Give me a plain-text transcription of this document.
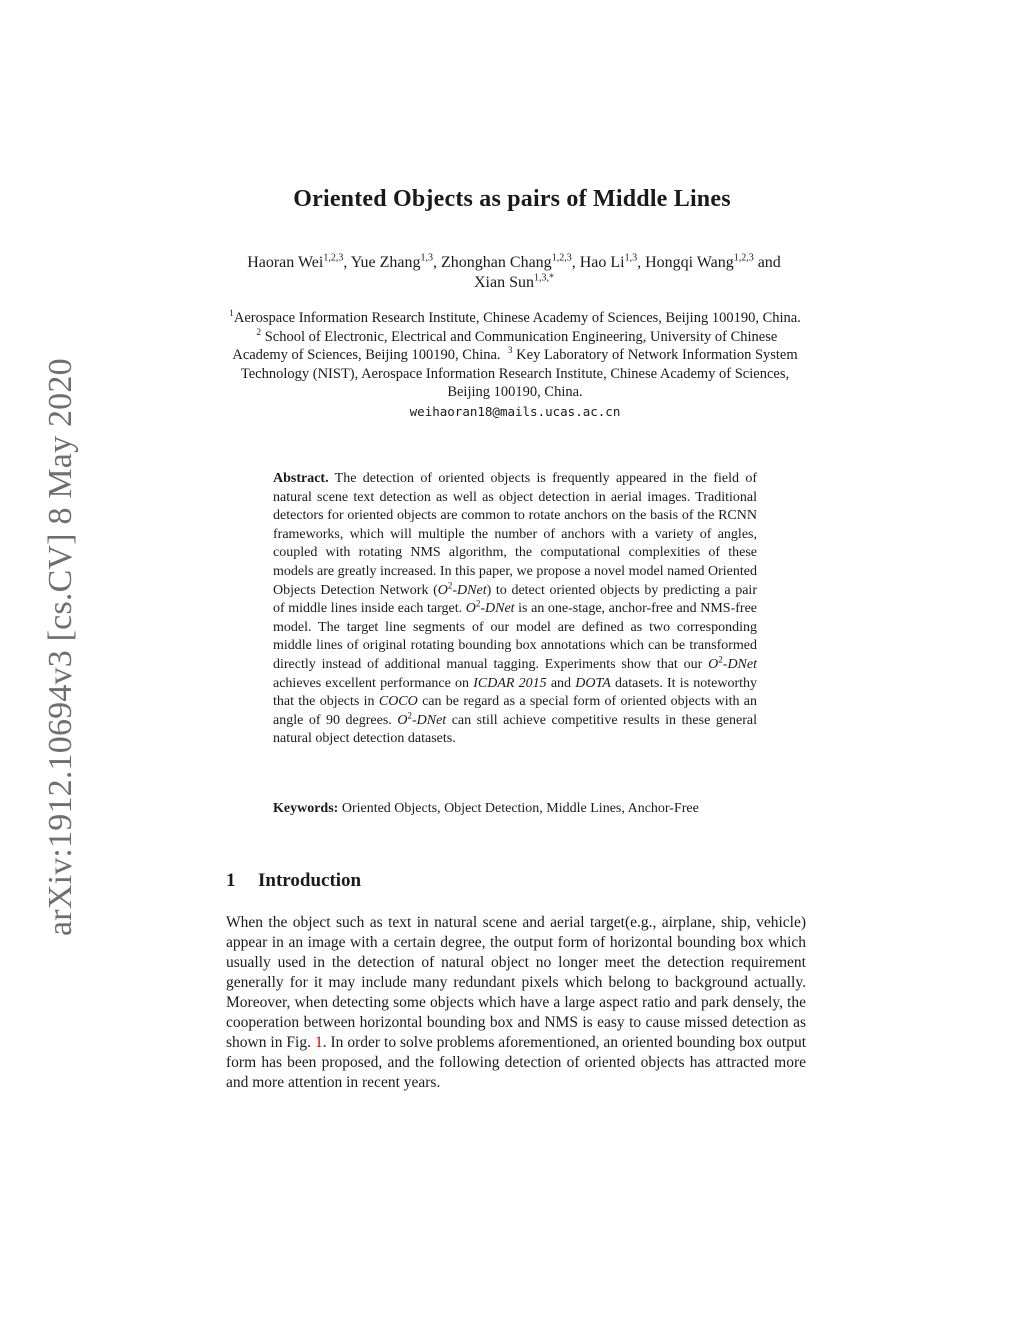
arXiv:1912.10694v3 [cs.CV] 8 May 2020
Oriented Objects as pairs of Middle Lines
Haoran Wei$^{1,2,3}$, Yue Zhang$^{1,3}$, Zhonghan Chang$^{1,2,3}$, Hao Li$^{1,3}$, Hongqi Wang$^{1,2,3}$ and Xian Sun$^{1,3,*}$
$^1$Aerospace Information Research Institute, Chinese Academy of Sciences, Beijing 100190, China.  $^2$ School of Electronic, Electrical and Communication Engineering, University of Chinese Academy of Sciences, Beijing 100190, China. $^3$ Key Laboratory of Network Information System Technology (NIST), Aerospace Information Research Institute, Chinese Academy of Sciences, Beijing 100190, China.
weihaoran18@mails.ucas.ac.cn
Abstract. The detection of oriented objects is frequently appeared in the field of natural scene text detection as well as object detection in aerial images. Traditional detectors for oriented objects are common to rotate anchors on the basis of the RCNN frameworks, which will multiple the number of anchors with a variety of angles, coupled with rotating NMS algorithm, the computational complexities of these models are greatly increased. In this paper, we propose a novel model named Oriented Objects Detection Network $(O^2-DNet)$ to detect oriented objects by predicting a pair of middle lines inside each target. $O^2$-DNet is an one-stage, anchor-free and NMS-free model. The target line segments of our model are defined as two corresponding middle lines of original rotating bounding box annotations which can be transformed directly instead of additional manual tagging. Experiments show that our $O^2$-DNet achieves excellent performance on ICDAR 2015 and DOTA datasets. It is noteworthy that the objects in COCO can be regard as a special form of oriented objects with an angle of 90 degrees. $O^2$-DNet can still achieve competitive results in these general natural object detection datasets.
Keywords: Oriented Objects, Object Detection, Middle Lines, Anchor-Free
1 Introduction
When the object such as text in natural scene and aerial target(e.g., airplane, ship, vehicle) appear in an image with a certain degree, the output form of horizontal bounding box which usually used in the detection of natural object no longer meet the detection requirement generally for it may include many redundant pixels which belong to background actually. Moreover, when detecting some objects which have a large aspect ratio and park densely, the cooperation between horizontal bounding box and NMS is easy to cause missed detection as shown in Fig. 1. In order to solve problems aforementioned, an oriented bounding box output form has been proposed, and the following detection of oriented objects has attracted more and more attention in recent years.
